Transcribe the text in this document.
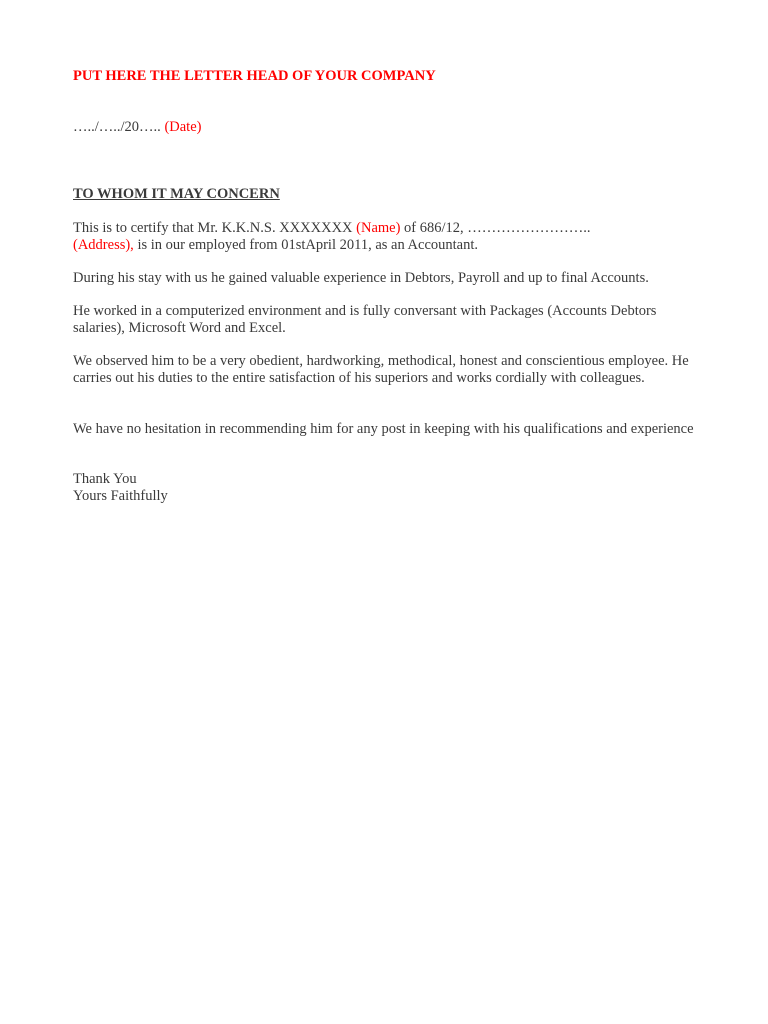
PUT HERE THE LETTER HEAD OF YOUR COMPANY
…../…../20….. (Date)
TO WHOM IT MAY CONCERN
This is to certify that Mr. K.K.N.S. XXXXXXX (Name) of 686/12, ……………………..
(Address), is in our employed from 01stApril 2011, as an Accountant.
During his stay with us he gained valuable experience in Debtors, Payroll and up to final Accounts.
He worked in a computerized environment and is fully conversant with Packages (Accounts Debtors salaries), Microsoft Word and Excel.
We observed him to be a very obedient, hardworking, methodical, honest and conscientious employee. He carries out his duties to the entire satisfaction of his superiors and works cordially with colleagues.
We have no hesitation in recommending him for any post in keeping with his qualifications and experience
Thank You
Yours Faithfully
